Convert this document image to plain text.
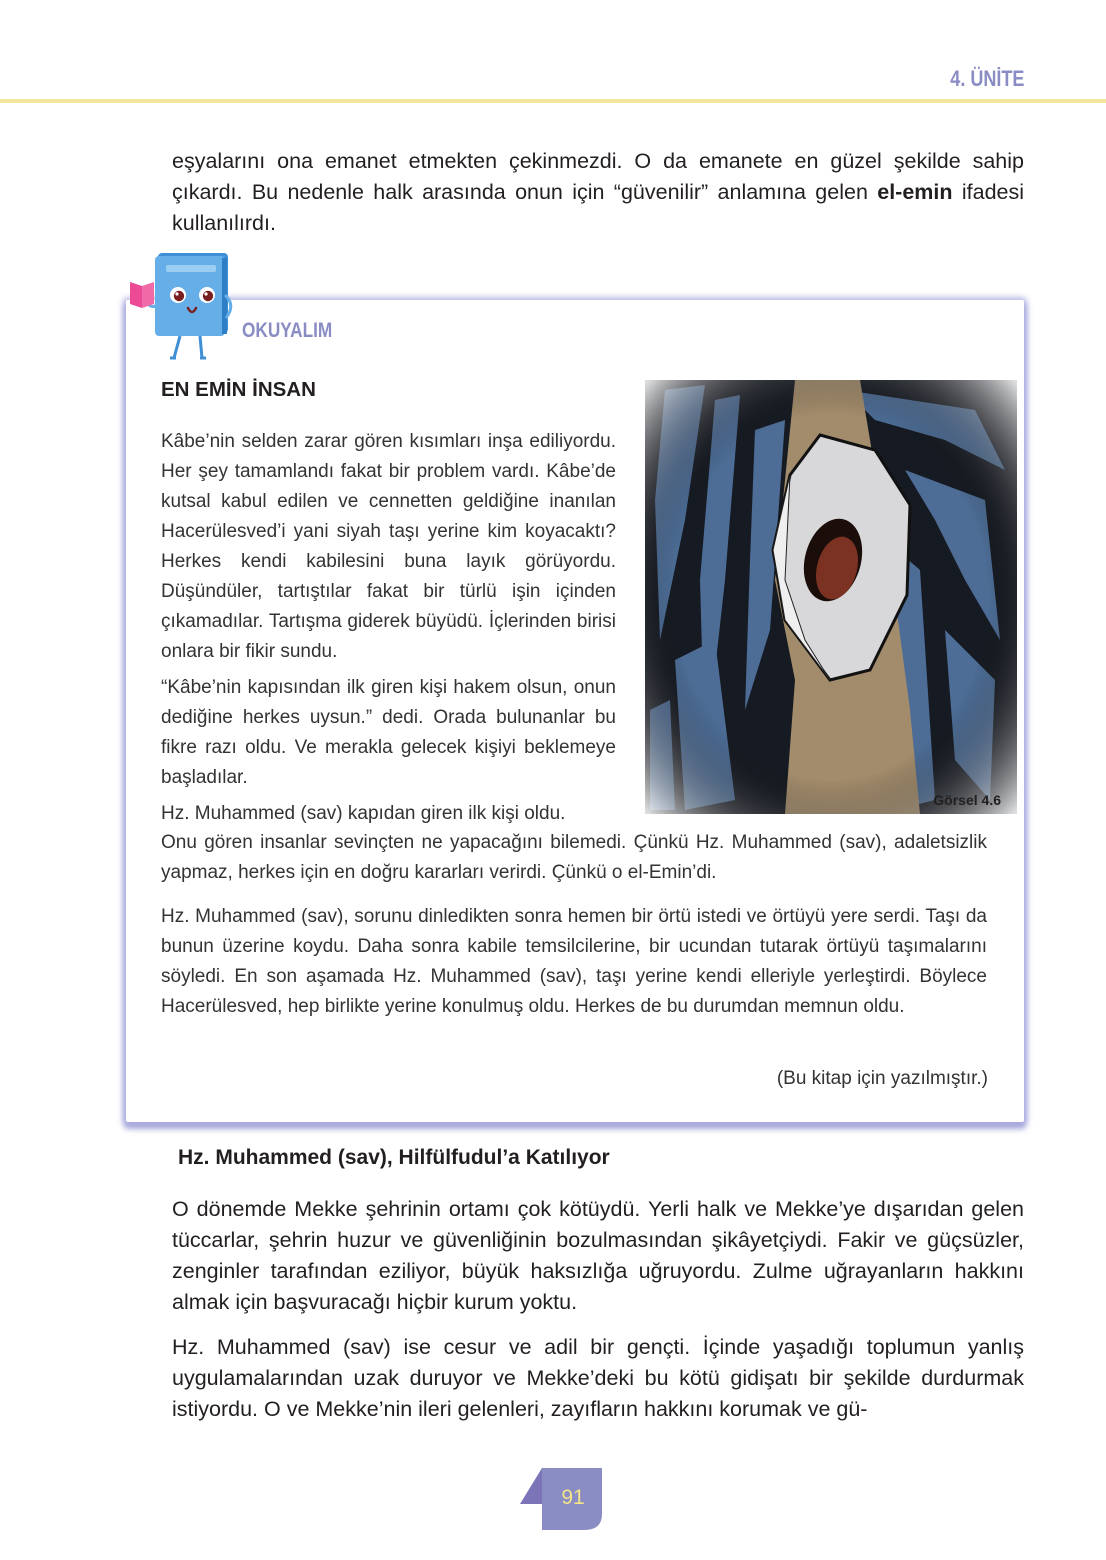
4. ÜNİTE
eşyalarını ona emanet etmekten çekinmezdi. O da emanete en güzel şekilde sahip çıkardı. Bu nedenle halk arasında onun için “güvenilir” anlamına gelen el-emin ifadesi kullanılırdı.
OKUYALIM
EN EMİN İNSAN

Kâbe’nin selden zarar gören kısımları inşa ediliyordu. Her şey tamamlandı fakat bir problem vardı. Kâbe’de kutsal kabul edilen ve cennetten geldiğine inanılan Hacerülesved’i yani siyah taşı yerine kim koyacaktı? Herkes kendi kabilesini buna layık görüyordu. Düşündüler, tartıştılar fakat bir türlü işin içinden çıkamadılar. Tartışma giderek büyüdü. İçlerinden birisi onlara bir fikir sundu.

“Kâbe’nin kapısından ilk giren kişi hakem olsun, onun dediğine herkes uysun.” dedi. Orada bulunanlar bu fikre razı oldu. Ve merakla gelecek kişiyi beklemeye başladılar.

Hz. Muhammed (sav) kapıdan giren ilk kişi oldu.

Görsel 4.6

Onu gören insanlar sevinçten ne yapacağını bilemedi. Çünkü Hz. Muhammed (sav), adaletsizlik yapmaz, herkes için en doğru kararları verirdi. Çünkü o el-Emin’di.

Hz. Muhammed (sav), sorunu dinledikten sonra hemen bir örtü istedi ve örtüyü yere serdi. Taşı da bunun üzerine koydu. Daha sonra kabile temsilcilerine, bir ucundan tutarak örtüyü taşımalarını söyledi. En son aşamada Hz. Muhammed (sav), taşı yerine kendi elleriyle yerleştirdi. Böylece Hacerülesved, hep birlikte yerine konulmuş oldu. Herkes de bu durumdan memnun oldu.

(Bu kitap için yazılmıştır.)
Hz. Muhammed (sav), Hilfülfudul’a Katılıyor

O dönemde Mekke şehrinin ortamı çok kötüydü. Yerli halk ve Mekke’ye dışarıdan gelen tüccarlar, şehrin huzur ve güvenliğinin bozulmasından şikâyetçiydi. Fakir ve güçsüzler, zenginler tarafından eziliyor, büyük haksızlığa uğruyordu. Zulme uğrayanların hakkını almak için başvuracağı hiçbir kurum yoktu.

Hz. Muhammed (sav) ise cesur ve adil bir gençti. İçinde yaşadığı toplumun yanlış uygulamalarından uzak duruyor ve Mekke’deki bu kötü gidişatı bir şekilde durdurmak istiyordu. O ve Mekke’nin ileri gelenleri, zayıfların hakkını korumak ve gü-

91
